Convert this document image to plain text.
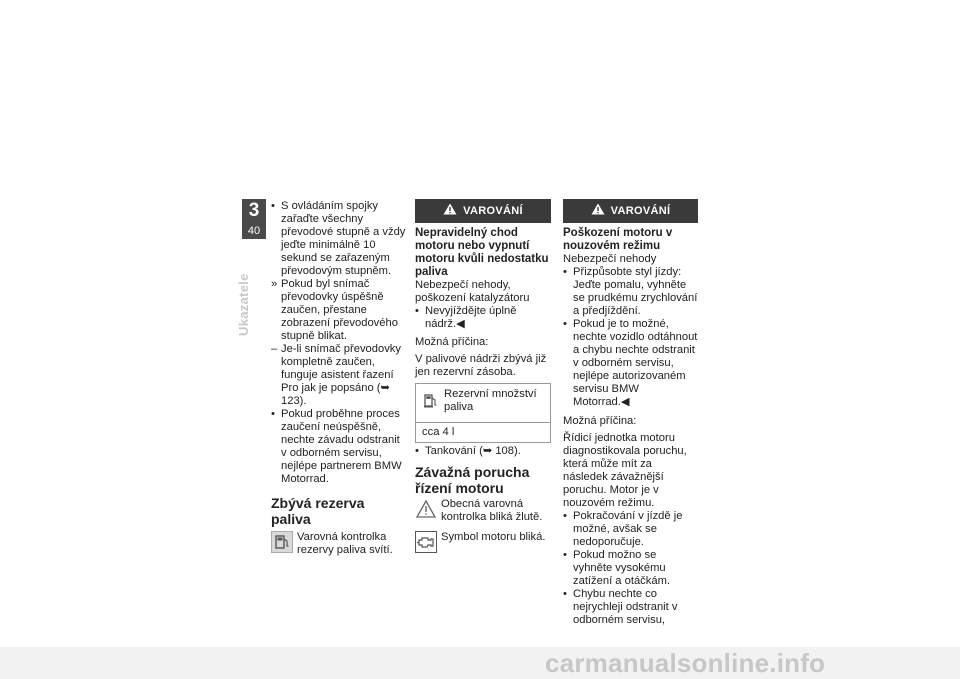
3
40
Ukazatele
• S ovládáním spojky zařaďte všechny převodové stupně a vždy jeďte minimálně 10 sekund se zařazeným převodovým stupněm.
» Pokud byl snímač převodovky úspěšně zaučen, přestane zobrazení převodového stupně blikat.
– Je-li snímač převodovky kompletně zaučen, funguje asistent řazení Pro jak je popsáno (➥ 123).
• Pokud proběhne proces zaučení neúspěšně, nechte závadu odstranit v odborném servisu, nejlépe partnerem BMW Motorrad.
Zbývá rezerva paliva
Varovná kontrolka rezervy paliva svítí.
VAROVÁNÍ
Nepravidelný chod motoru nebo vypnutí motoru kvůli nedostatku paliva

Nebezpečí nehody, poškození katalyzátoru

• Nevyjíždějte úplně nádrž.◀

Možná příčina:

V palivové nádrži zbývá již jen rezervní zásoba.

Rezervní množství paliva
cca 4 l
• Tankování (➥ 108).
Závažná porucha řízení motoru
Obecná varovná kontrolka bliká žlutě.
Symbol motoru bliká.
VAROVÁNÍ
Poškození motoru v nouzovém režimu

Nebezpečí nehody

• Přizpůsobte styl jízdy: Jeďte pomalu, vyhněte se prudkému zrychlování a předjíždění.
• Pokud je to možné, nechte vozidlo odtáhnout a chybu nechte odstranit v odborném servisu, nejlépe autorizovaném servisu BMW Motorrad.◀

Možná příčina:

Řídicí jednotka motoru diagnostikovala poruchu, která může mít za následek závažnější poruchu. Motor je v nouzovém režimu.

• Pokračování v jízdě je možné, avšak se nedoporučuje.
• Pokud možno se vyhněte vysokému zatížení a otáčkám.
• Chybu nechte co nejrychleji odstranit v odborném servisu,
carmanualsonline.info
